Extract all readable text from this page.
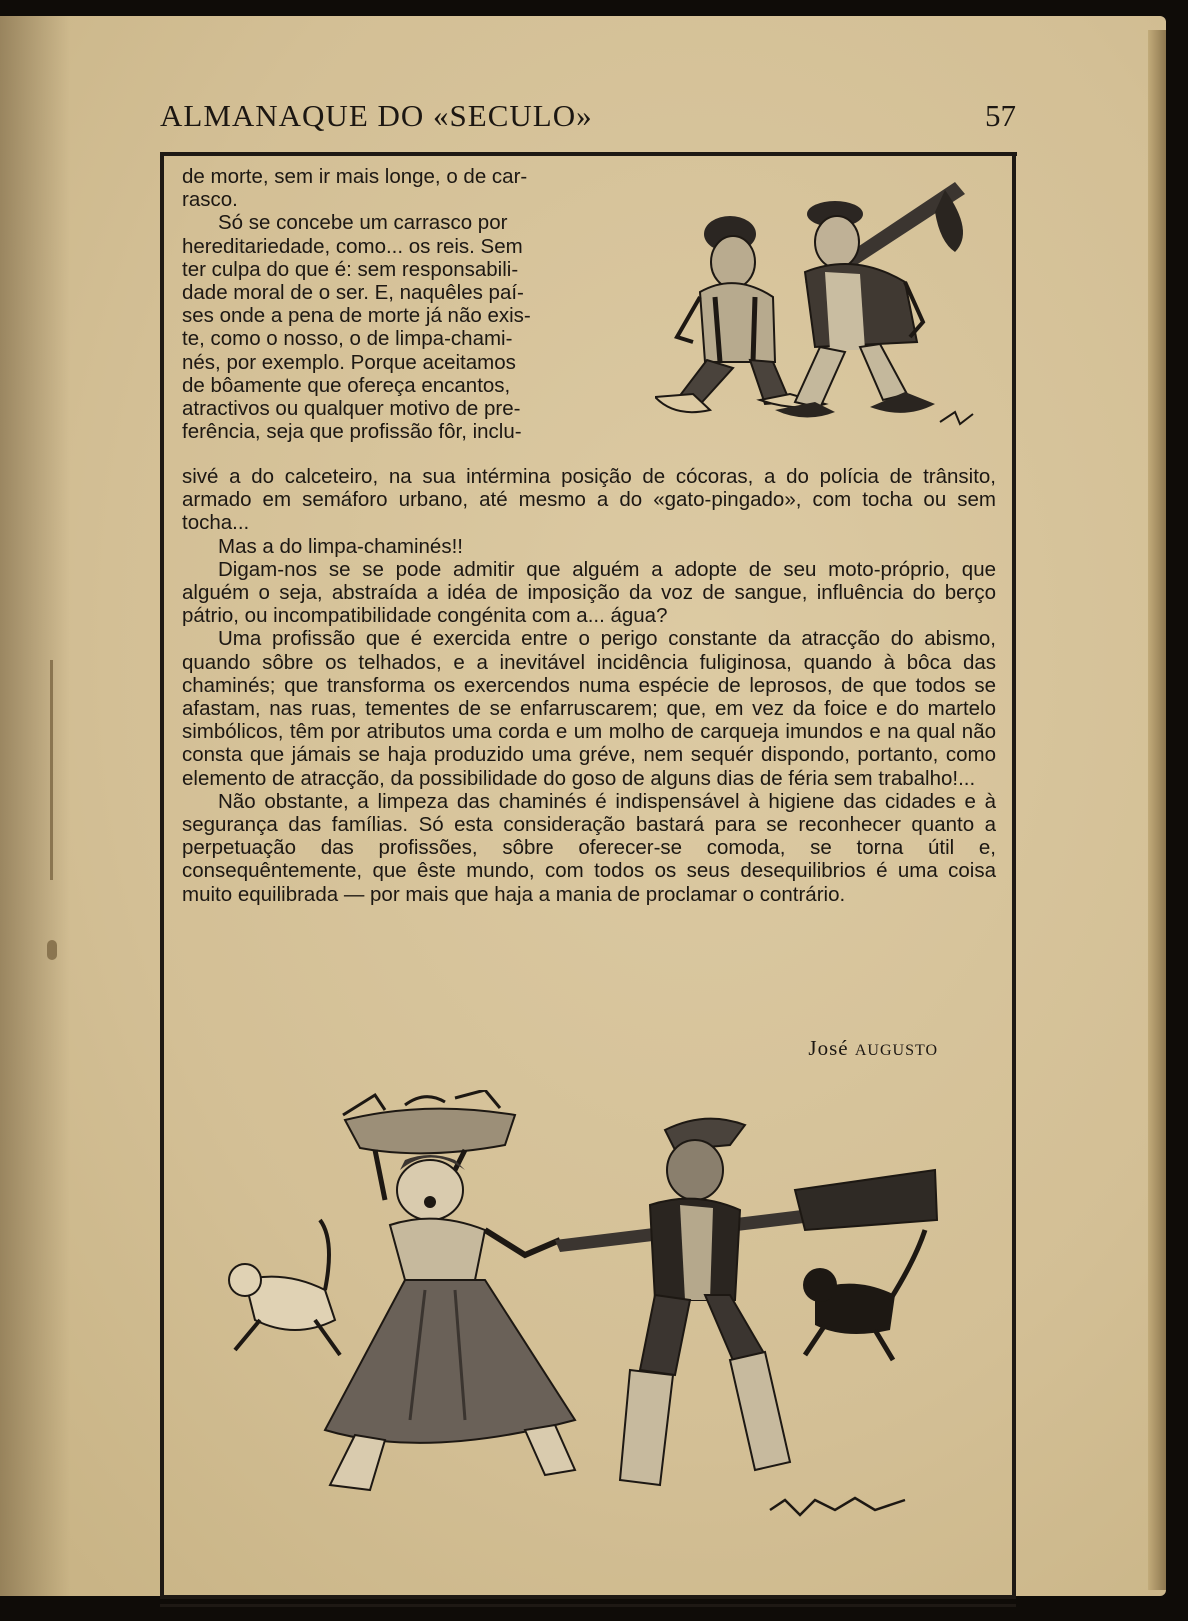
ALMANAQUE DO «SECULO»	57

de morte, sem ir mais longe, o de car-

rasco.

Só se concebe um carrasco por

hereditariedade, como... os reis. Sem

ter culpa do que é: sem responsabili-

dade moral de o ser. E, naquêles paí-

ses onde a pena de morte já não exis-

te, como o nosso, o de limpa-chami-

nés, por exemplo. Porque aceitamos

de bôamente que ofereça encantos,

atractivos ou qualquer motivo de pre-

ferência, seja que profissão fôr, inclu-

sivé a do calceteiro, na sua intérmina posição de cócoras, a do polícia de trânsito, armado em semáforo urbano, até mesmo a do «gato-pingado», com tocha ou sem tocha...

Mas a do limpa-chaminés!!

Digam-nos se se pode admitir que alguém a adopte de seu moto-próprio, que alguém o seja, abstraída a idéa de imposição da voz de sangue, influência do berço pátrio, ou incompatibilidade congénita com a... água?

Uma profissão que é exercida entre o perigo constante da atracção do abismo, quando sôbre os telhados, e a inevitável incidência fuliginosa, quando à bôca das chaminés; que transforma os exercendos numa espécie de leprosos, de que todos se afastam, nas ruas, tementes de se enfarruscarem; que, em vez da foice e do martelo simbólicos, têm por atributos uma corda e um molho de carqueja imundos e na qual não consta que jámais se haja produzido uma gréve, nem sequér dispondo, portanto, como elemento de atracção, da possibilidade do goso de alguns dias de féria sem trabalho!...

Não obstante, a limpeza das chaminés é indispensável à higiene das cidades e à segurança das famílias. Só esta consideração bastará para se reconhecer quanto a perpetuação das profissões, sôbre oferecer-se comoda, se torna útil e, consequêntemente, que êste mundo, com todos os seus desequilibrios é uma coisa muito equilibrada — por mais que haja a mania de proclamar o contrário.

José AUGUSTO
